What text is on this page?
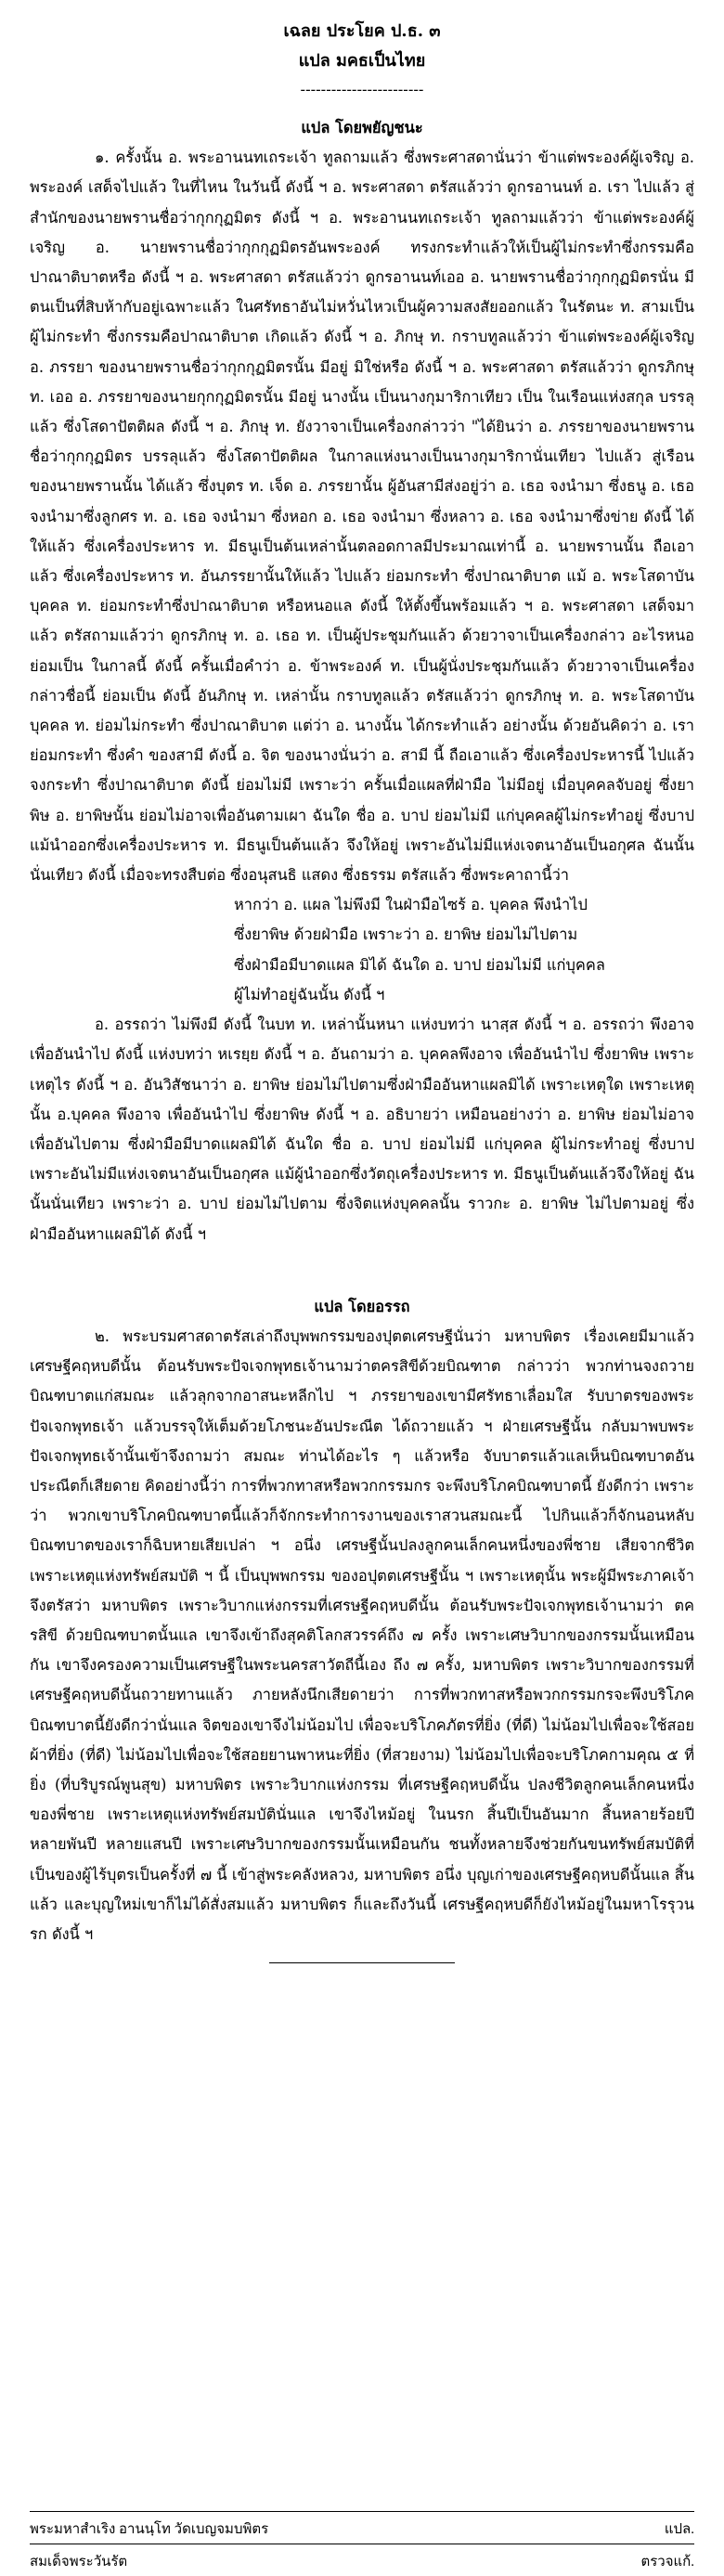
เฉลย ประโยค ป.ธ. ๓
แปล มคธเป็นไทย
------------------------
แปล โดยพยัญชนะ

๑. ครั้งนั้น อ. พระอานนทเถระเจ้า ทูลถามแล้ว ซึ่งพระศาสดานั่นว่า ข้าแต่พระองค์ผู้เจริญ อ. พระองค์ เสด็จไปแล้ว ในที่ไหน ในวันนี้ ดังนี้ ฯ อ. พระศาสดา ตรัสแล้วว่า ดูกรอานนท์ อ. เรา ไปแล้ว สู่สำนักของนายพรานชื่อว่ากุกกุฏมิตร ดังนี้ ฯ อ. พระอานนทเถระเจ้า ทูลถามแล้วว่า ข้าแต่พระองค์ผู้เจริญ อ. นายพรานชื่อว่ากุกกุฏมิตรอันพระองค์ ทรงกระทำแล้วให้เป็นผู้ไม่กระทำซึ่งกรรมคือปาณาติบาตหรือ ดังนี้ ฯ อ. พระศาสดา ตรัสแล้วว่า ดูกรอานนท์เออ อ. นายพรานชื่อว่ากุกกุฏมิตรนั่น มีตนเป็นที่สิบห้ากับอยู่เฉพาะแล้ว ในศรัทธาอันไม่หวั่นไหวเป็นผู้ความสงสัยออกแล้ว ในรัตนะ ท. สามเป็นผู้ไม่กระทำ ซึ่งกรรมคือปาณาติบาต เกิดแล้ว ดังนี้ ฯ อ. ภิกษุ ท. กราบทูลแล้วว่า ข้าแต่พระองค์ผู้เจริญ อ. ภรรยา ของนายพรานชื่อว่ากุกกุฏมิตรนั้น มีอยู่ มิใช่หรือ ดังนี้ ฯ อ. พระศาสดา ตรัสแล้วว่า ดูกรภิกษุ ท. เออ อ. ภรรยาของนายกุกกุฏมิตรนั้น มีอยู่ นางนั้น เป็นนางกุมาริกาเทียว เป็น ในเรือนแห่งสกุล บรรลุแล้ว ซึ่งโสดาปัตติผล ดังนี้ ฯ อ. ภิกษุ ท. ยังวาจาเป็นเครื่องกล่าวว่า "ได้ยินว่า อ. ภรรยาของนายพรานชื่อว่ากุกกุฏมิตร บรรลุแล้ว ซึ่งโสดาปัตติผล ในกาลแห่งนางเป็นนางกุมาริกานั่นเทียว ไปแล้ว สู่เรือน ของนายพรานนั้น ได้แล้ว ซึ่งบุตร ท. เจ็ด อ. ภรรยานั้น ผู้อันสามีส่งอยู่ว่า อ. เธอ จงนำมา ซึ่งธนู อ. เธอ จงนำมาซึ่งลูกศร ท. อ. เธอ จงนำมา ซึ่งหอก อ. เธอ จงนำมา ซึ่งหลาว อ. เธอ จงนำมาซึ่งข่าย ดังนี้ ได้ให้แล้ว ซึ่งเครื่องประหาร ท. มีธนูเป็นต้นเหล่านั้นตลอดกาลมีประมาณเท่านี้ อ. นายพรานนั้น ถือเอาแล้ว ซึ่งเครื่องประหาร ท. อันภรรยานั้นให้แล้ว ไปแล้ว ย่อมกระทำ ซึ่งปาณาติบาต แม้ อ. พระโสดาบันบุคคล ท. ย่อมกระทำซึ่งปาณาติบาต หรือหนอแล ดังนี้ ให้ตั้งขึ้นพร้อมแล้ว ฯ อ. พระศาสดา เสด็จมาแล้ว ตรัสถามแล้วว่า ดูกรภิกษุ ท. อ. เธอ ท. เป็นผู้ประชุมกันแล้ว ด้วยวาจาเป็นเครื่องกล่าว อะไรหนอย่อมเป็น ในกาลนี้ ดังนี้ ครั้นเมื่อคำว่า อ. ข้าพระองค์ ท. เป็นผู้นั่งประชุมกันแล้ว ด้วยวาจาเป็นเครื่องกล่าวชื่อนี้ ย่อมเป็น ดังนี้ อันภิกษุ ท. เหล่านั้น กราบทูลแล้ว ตรัสแล้วว่า ดูกรภิกษุ ท. อ. พระโสดาบันบุคคล ท. ย่อมไม่กระทำ ซึ่งปาณาติบาต แต่ว่า อ. นางนั้น ได้กระทำแล้ว อย่างนั้น ด้วยอันคิดว่า อ. เรา ย่อมกระทำ ซึ่งคำ ของสามี ดังนี้ อ. จิต ของนางนั่นว่า อ. สามี นี้ ถือเอาแล้ว ซึ่งเครื่องประหารนี้ ไปแล้ว จงกระทำ ซึ่งปาณาติบาต ดังนี้ ย่อมไม่มี เพราะว่า ครั้นเมื่อแผลที่ฝ่ามือ ไม่มีอยู่ เมื่อบุคคลจับอยู่ ซึ่งยาพิษ อ. ยาพิษนั้น ย่อมไม่อาจเพื่ออันตามเผา ฉันใด ชื่อ อ. บาป ย่อมไม่มี แก่บุคคลผู้ไม่กระทำอยู่ ซึ่งบาป แม้นำออกซึ่งเครื่องประหาร ท. มีธนูเป็นต้นแล้ว จึงให้อยู่ เพราะอันไม่มีแห่งเจตนาอันเป็นอกุศล ฉันนั้นนั่นเทียว ดังนี้ เมื่อจะทรงสืบต่อ ซึ่งอนุสนธิ แสดง ซึ่งธรรม ตรัสแล้ว ซึ่งพระคาถานี้ว่า

หากว่า อ. แผล ไม่พึงมี ในฝ่ามือไซร้ อ. บุคคล พึงนำไป

ซึ่งยาพิษ ด้วยฝ่ามือ เพราะว่า อ. ยาพิษ ย่อมไม่ไปตาม

ซึ่งฝ่ามือมีบาดแผล มิได้ ฉันใด อ. บาป ย่อมไม่มี แก่บุคคล

ผู้ไม่ทำอยู่ฉันนั้น ดังนี้ ฯ

อ. อรรถว่า ไม่พึงมี ดังนี้ ในบท ท. เหล่านั้นหนา แห่งบทว่า นาสฺส ดังนี้ ฯ อ. อรรถว่า พึงอาจ เพื่ออันนำไป ดังนี้ แห่งบทว่า หเรยฺย ดังนี้ ฯ อ. อันถามว่า อ. บุคคลพึงอาจ เพื่ออันนำไป ซึ่งยาพิษ เพราะเหตุไร ดังนี้ ฯ อ. อันวิสัชนาว่า อ. ยาพิษ ย่อมไม่ไปตามซึ่งฝ่ามืออันหาแผลมิได้ เพราะเหตุใด เพราะเหตุนั้น อ.บุคคล พึงอาจ เพื่ออันนำไป ซึ่งยาพิษ ดังนี้ ฯ อ. อธิบายว่า เหมือนอย่างว่า อ. ยาพิษ ย่อมไม่อาจ เพื่ออันไปตาม ซึ่งฝ่ามือมีบาดแผลมิได้ ฉันใด ชื่อ อ. บาป ย่อมไม่มี แก่บุคคล ผู้ไม่กระทำอยู่ ซึ่งบาป เพราะอันไม่มีแห่งเจตนาอันเป็นอกุศล แม้ผู้นำออกซึ่งวัตถุเครื่องประหาร ท. มีธนูเป็นต้นแล้วจึงให้อยู่ ฉันนั้นนั่นเทียว เพราะว่า อ. บาป ย่อมไม่ไปตาม ซึ่งจิตแห่งบุคคลนั้น ราวกะ อ. ยาพิษ ไม่ไปตามอยู่ ซึ่งฝ่ามืออันหาแผลมิได้ ดังนี้ ฯ

แปล โดยอรรถ

๒. พระบรมศาสดาตรัสเล่าถึงบุพพกรรมของปุตตเศรษฐีนั่นว่า มหาบพิตร เรื่องเคยมีมาแล้ว เศรษฐีคฤหบดีนั้น ต้อนรับพระปัจเจกพุทธเจ้านามว่าตครสิขีด้วยบิณฑาต กล่าวว่า พวกท่านจงถวายบิณฑบาตแก่สมณะ แล้วลุกจากอาสนะหลีกไป ฯ ภรรยาของเขามีศรัทธาเลื่อมใส รับบาตรของพระปัจเจกพุทธเจ้า แล้วบรรจุให้เต็มด้วยโภชนะอันประณีต ได้ถวายแล้ว ฯ ฝ่ายเศรษฐีนั้น กลับมาพบพระปัจเจกพุทธเจ้านั้นเข้าจึงถามว่า สมณะ ท่านได้อะไร ๆ แล้วหรือ จับบาตรแล้วแลเห็นบิณฑบาตอันประณีตก็เสียดาย คิดอย่างนี้ว่า การที่พวกทาสหรือพวกกรรมกร จะพึงบริโภคบิณฑบาตนี้ ยังดีกว่า เพราะว่า พวกเขาบริโภคบิณฑบาตนี้แล้วก็จักกระทำการงานของเราสวนสมณะนี้ ไปกินแล้วก็จักนอนหลับ บิณฑบาตของเราก็ฉิบหายเสียเปล่า ฯ อนึ่ง เศรษฐีนั้นปลงลูกคนเล็กคนหนึ่งของพี่ชาย เสียจากชีวิต เพราะเหตุแห่งทรัพย์สมบัติ ฯ นี้ เป็นบุพพกรรม ของอปุตตเศรษฐีนั้น ฯ เพราะเหตุนั้น พระผู้มีพระภาคเจ้าจึงตรัสว่า มหาบพิตร เพราะวิบากแห่งกรรมที่เศรษฐีคฤหบดีนั้น ต้อนรับพระปัจเจกพุทธเจ้านามว่า ตครสิขี ด้วยบิณฑบาตนั้นแล เขาจึงเข้าถึงสุคติโลกสวรรค์ถึง ๗ ครั้ง เพราะเศษวิบากของกรรมนั้นเหมือนกัน เขาจึงครองความเป็นเศรษฐีในพระนครสาวัตถีนี้เอง ถึง ๗ ครั้ง, มหาบพิตร เพราะวิบากของกรรมที่เศรษฐีคฤหบดีนั้นถวายทานแล้ว ภายหลังนึกเสียดายว่า การที่พวกทาสหรือพวกกรรมกรจะพึงบริโภคบิณฑบาตนี้ยังดีกว่านั่นแล จิตของเขาจึงไม่น้อมไป เพื่อจะบริโภคภัตรที่ยิ่ง (ที่ดี) ไม่น้อมไปเพื่อจะใช้สอยผ้าที่ยิ่ง (ที่ดี) ไม่น้อมไปเพื่อจะใช้สอยยานพาหนะที่ยิ่ง (ที่สวยงาม) ไม่น้อมไปเพื่อจะบริโภคกามคุณ ๕ ที่ยิ่ง (ที่บริบูรณ์พูนสุข) มหาบพิตร เพราะวิบากแห่งกรรม ที่เศรษฐีคฤหบดีนั้น ปลงชีวิตลูกคนเล็กคนหนึ่งของพี่ชาย เพราะเหตุแห่งทรัพย์สมบัตินั่นแล เขาจึงไหม้อยู่ ในนรก สิ้นปีเป็นอันมาก สิ้นหลายร้อยปี หลายพันปี หลายแสนปี เพราะเศษวิบากของกรรมนั้นเหมือนกัน ชนทั้งหลายจึงช่วยกันขนทรัพย์สมบัติที่เป็นของผู้ไร้บุตรเป็นครั้งที่ ๗ นี้ เข้าสู่พระคลังหลวง, มหาบพิตร อนึ่ง บุญเก่าของเศรษฐีคฤหบดีนั้นแล สิ้นแล้ว และบุญใหม่เขาก็ไม่ได้สั่งสมแล้ว มหาบพิตร ก็และถึงวันนี้ เศรษฐีคฤหบดีก็ยังไหม้อยู่ในมหาโรรุวนรก ดังนี้ ฯ

พระมหาสำเริง อานนฺโท วัดเบญจมบพิตร	แปล.
สมเด็จพระวันรัต	ตรวจแก้.
